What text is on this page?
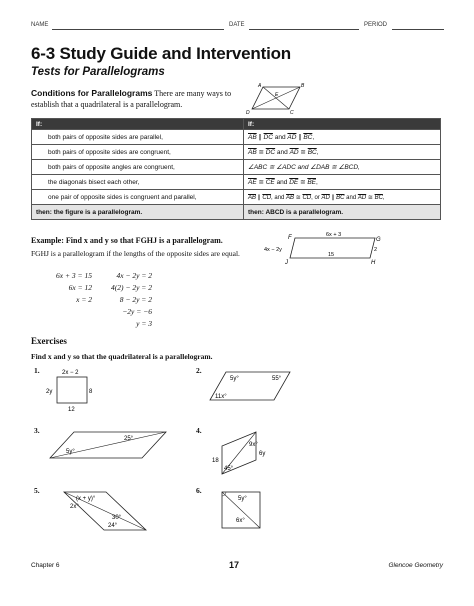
NAME	DATE	PERIOD
6-3 Study Guide and Intervention
Tests for Parallelograms
Conditions for Parallelograms There are many ways to establish that a quadrilateral is a parallelogram.
A	B
E
D	C
If:	If:
both pairs of opposite sides are parallel,	$\overline{AB}$ ∥ $\overline{DC}$ and $\overline{AD}$ ∥ $\overline{BC}$,
both pairs of opposite sides are congruent,	$\overline{AB}$ ≅ $\overline{DC}$ and $\overline{AD}$ ≅ $\overline{BC}$,
both pairs of opposite angles are congruent,	∠ABC ≅ ∠ADC and ∠DAB ≅ ∠BCD,
the diagonals bisect each other,	$\overline{AE}$ ≅ $\overline{CE}$ and $\overline{DE}$ ≅ $\overline{BE}$,
one pair of opposite sides is congruent and parallel,	$\overline{AB}$ ∥ $\overline{CD}$, and $\overline{AB}$ ≅ $\overline{CD}$, or $\overline{AD}$ ∥ $\overline{BC}$ and $\overline{AD}$ ≅ $\overline{BC}$,
then: the figure is a parallelogram.	then: ABCD is a parallelogram.
Example: Find x and y so that FGHJ is a parallelogram.
FGHJ is a parallelogram if the lengths of the opposite sides are equal.
6x + 3 = 15
6x = 12
x = 2
4x − 2y = 2
4(2) − 2y = 2
8 − 2y = 2
−2y = −6
y = 3
F	G
H
J
6x + 3
4x − 2y	2
15
Exercises
Find x and y so that the quadrilateral is a parallelogram.
1.	2x − 2
2y	8
12
2.
5y°	55°
11x°
3.
25°
5y°
4.
9x°
18
45°
6y
5.
(x + y)°
2x°
30°
24°
6.
5y°
6x°
Chapter 6	17	Glencoe Geometry
